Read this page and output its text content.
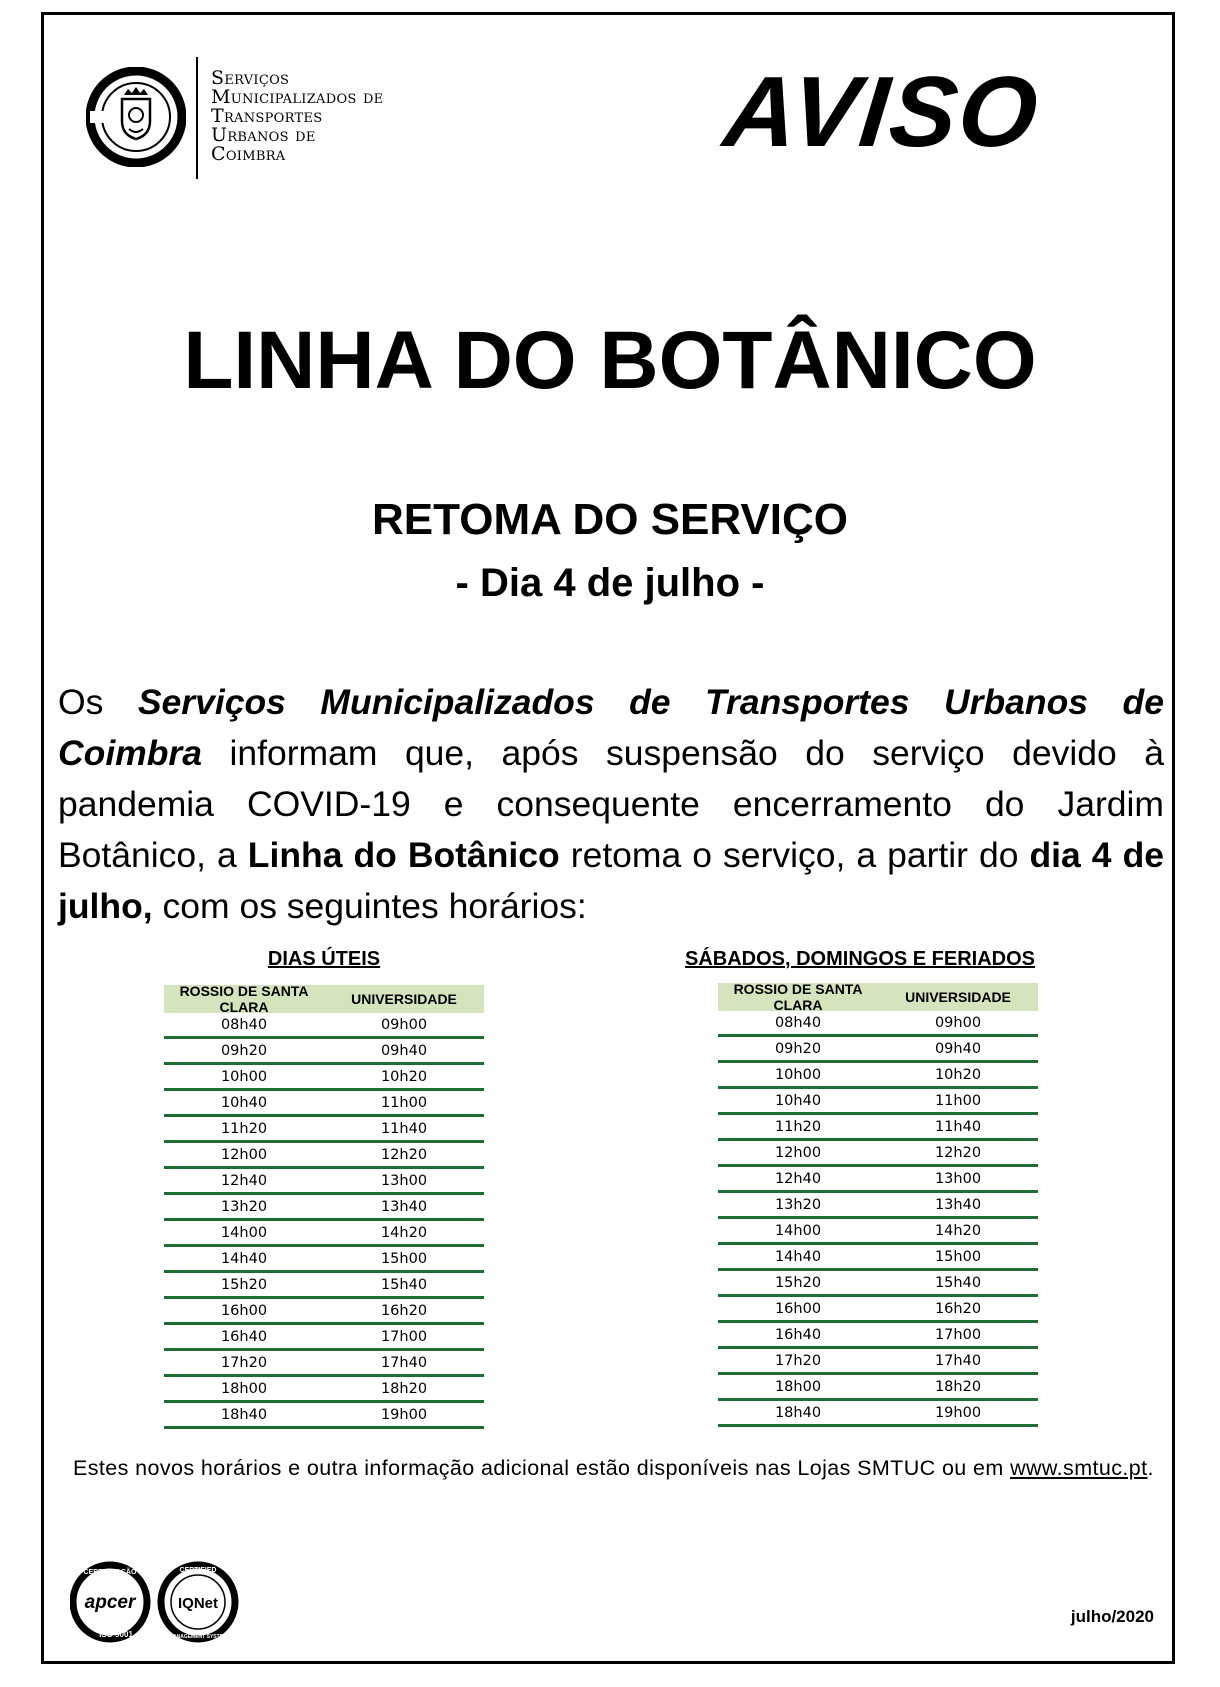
Serviços
Municipalizados de
Transportes
Urbanos de
Coimbra	AVISO
LINHA DO BOTÂNICO
RETOMA DO SERVIÇO
- Dia 4 de julho -
Os Serviços Municipalizados de Transportes Urbanos de Coimbra informam que, após suspensão do serviço devido à pandemia COVID-19 e consequente encerramento do Jardim Botânico, a Linha do Botânico retoma o serviço, a partir do dia 4 de julho, com os seguintes horários:
DIAS ÚTEIS
ROSSIO DE SANTA CLARA	UNIVERSIDADE
08h40	09h00
09h20	09h40
10h00	10h20
10h40	11h00
11h20	11h40
12h00	12h20
12h40	13h00
13h20	13h40
14h00	14h20
14h40	15h00
15h20	15h40
16h00	16h20
16h40	17h00
17h20	17h40
18h00	18h20
18h40	19h00
SÁBADOS, DOMINGOS E FERIADOS
ROSSIO DE SANTA CLARA	UNIVERSIDADE
08h40	09h00
09h20	09h40
10h00	10h20
10h40	11h00
11h20	11h40
12h00	12h20
12h40	13h00
13h20	13h40
14h00	14h20
14h40	15h00
15h20	15h40
16h00	16h20
16h40	17h00
17h20	17h40
18h00	18h20
18h40	19h00
Estes novos horários e outra informação adicional estão disponíveis nas Lojas SMTUC ou em www.smtuc.pt.
CERTIFICAÇÃO
apcer
ISO 9001
CERTIFIED
IQNet
MANAGEMENT SYSTEM
julho/2020
